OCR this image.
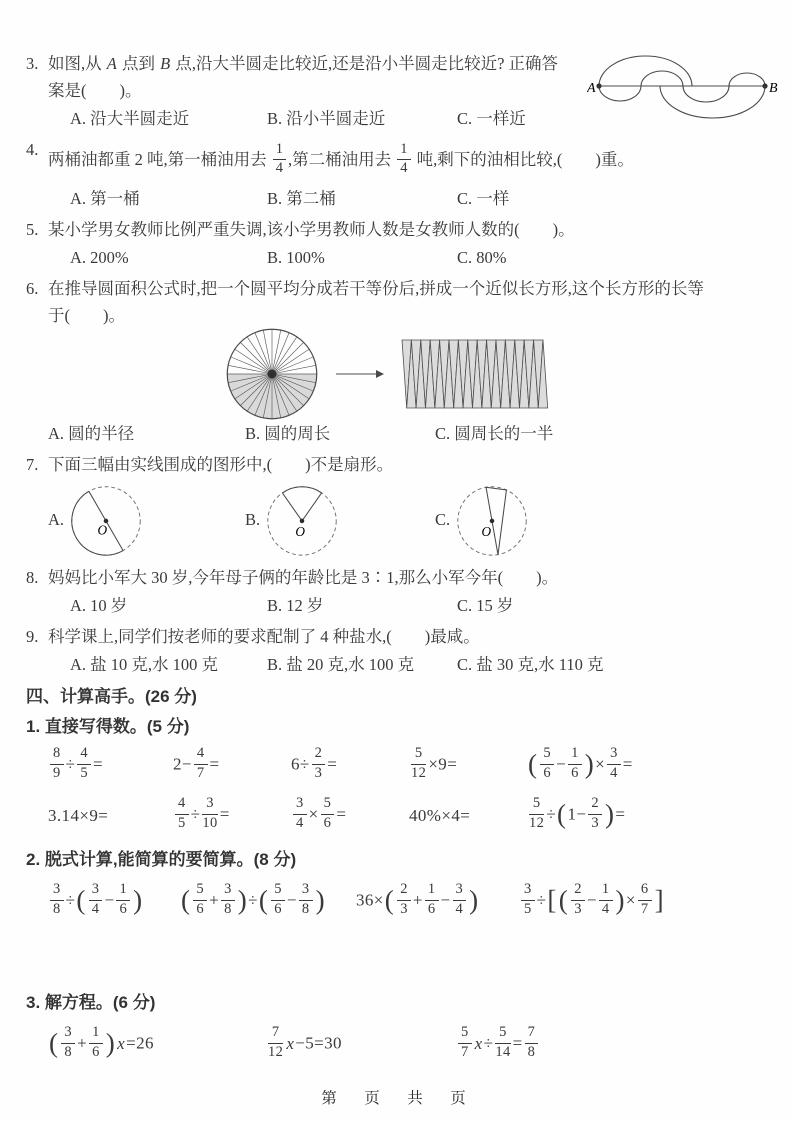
3. 如图,从 A 点到 B 点,沿大半圆走比较近,还是沿小半圆走比较近? 正确答
案是(　　 )。	A	B
A. 沿大半圆走近	B. 沿小半圆走近	C. 一样近
4.
两桶油都重 2 吨,第一桶油用去 $\frac{1}{4}$ ,第二桶油用去 $\frac{1}{4}$ 吨,剩下的油相比较,(　　 )重。
A. 第一桶	B. 第二桶	C. 一样
5. 某小学男女教师比例严重失调,该小学男教师人数是女教师人数的(　　 )。
A. 200%	B. 100%	C. 80%
6. 在推导圆面积公式时,把一个圆平均分成若干等份后,拼成一个近似长方形,这个长方形的长等
于(　　 )。
A. 圆的半径	B. 圆的周长	C. 圆周长的一半
7. 下面三幅由实线围成的图形中,(　　 )不是扇形。
A.
O
B.
O
C.
O
8. 妈妈比小军大 30 岁,今年母子俩的年龄比是 3∶1,那么小军今年(　　 )。
A. 10 岁	B. 12 岁	C. 15 岁
9. 科学课上,同学们按老师的要求配制了 4 种盐水,(　　 )最咸。
A. 盐 10 克,水 100 克	B. 盐 20 克,水 100 克	C. 盐 30 克,水 110 克
四、计算高手。(26 分)
1. 直接写得数。(5 分)
$\frac{8}{9} \div \frac{4}{5}$ =	$2- \frac{4}{7}$ =	$6\div \frac{2}{3}$ =	$\frac{5}{12} \times 9=$	( $\frac{5}{6} - \frac{1}{6}$ )× $\frac{3}{4}$ =
3.14×9=	$\frac{4}{5} \div \frac{3}{10}$ =	$\frac{3}{4} \times \frac{5}{6}$ =	40%×4=	$\frac{5}{12} \div(1- \frac{2}{3}$ )=
2. 脱式计算,能简算的要简算。(8 分)
$\frac{3}{8}$ ÷( $\frac{3}{4} - \frac{1}{6}$ )	( $\frac{5}{6} + \frac{3}{8}$ )÷( $\frac{5}{6} - \frac{3}{8}$ )	$36\times( \frac{2}{3} + \frac{1}{6} - \frac{3}{4}$ )	$\frac{3}{5}$ ÷[( $\frac{2}{3} - \frac{1}{4}$ )× $\frac{6}{7}$ ]
3. 解方程。(6 分)
( $\frac{3}{8} + \frac{1}{6}$ ) x=26	$\frac{7}{12} x-5=30$	$\frac{5}{7} x\div \frac{5}{14} = \frac{7}{8}$
第　页　共　页
